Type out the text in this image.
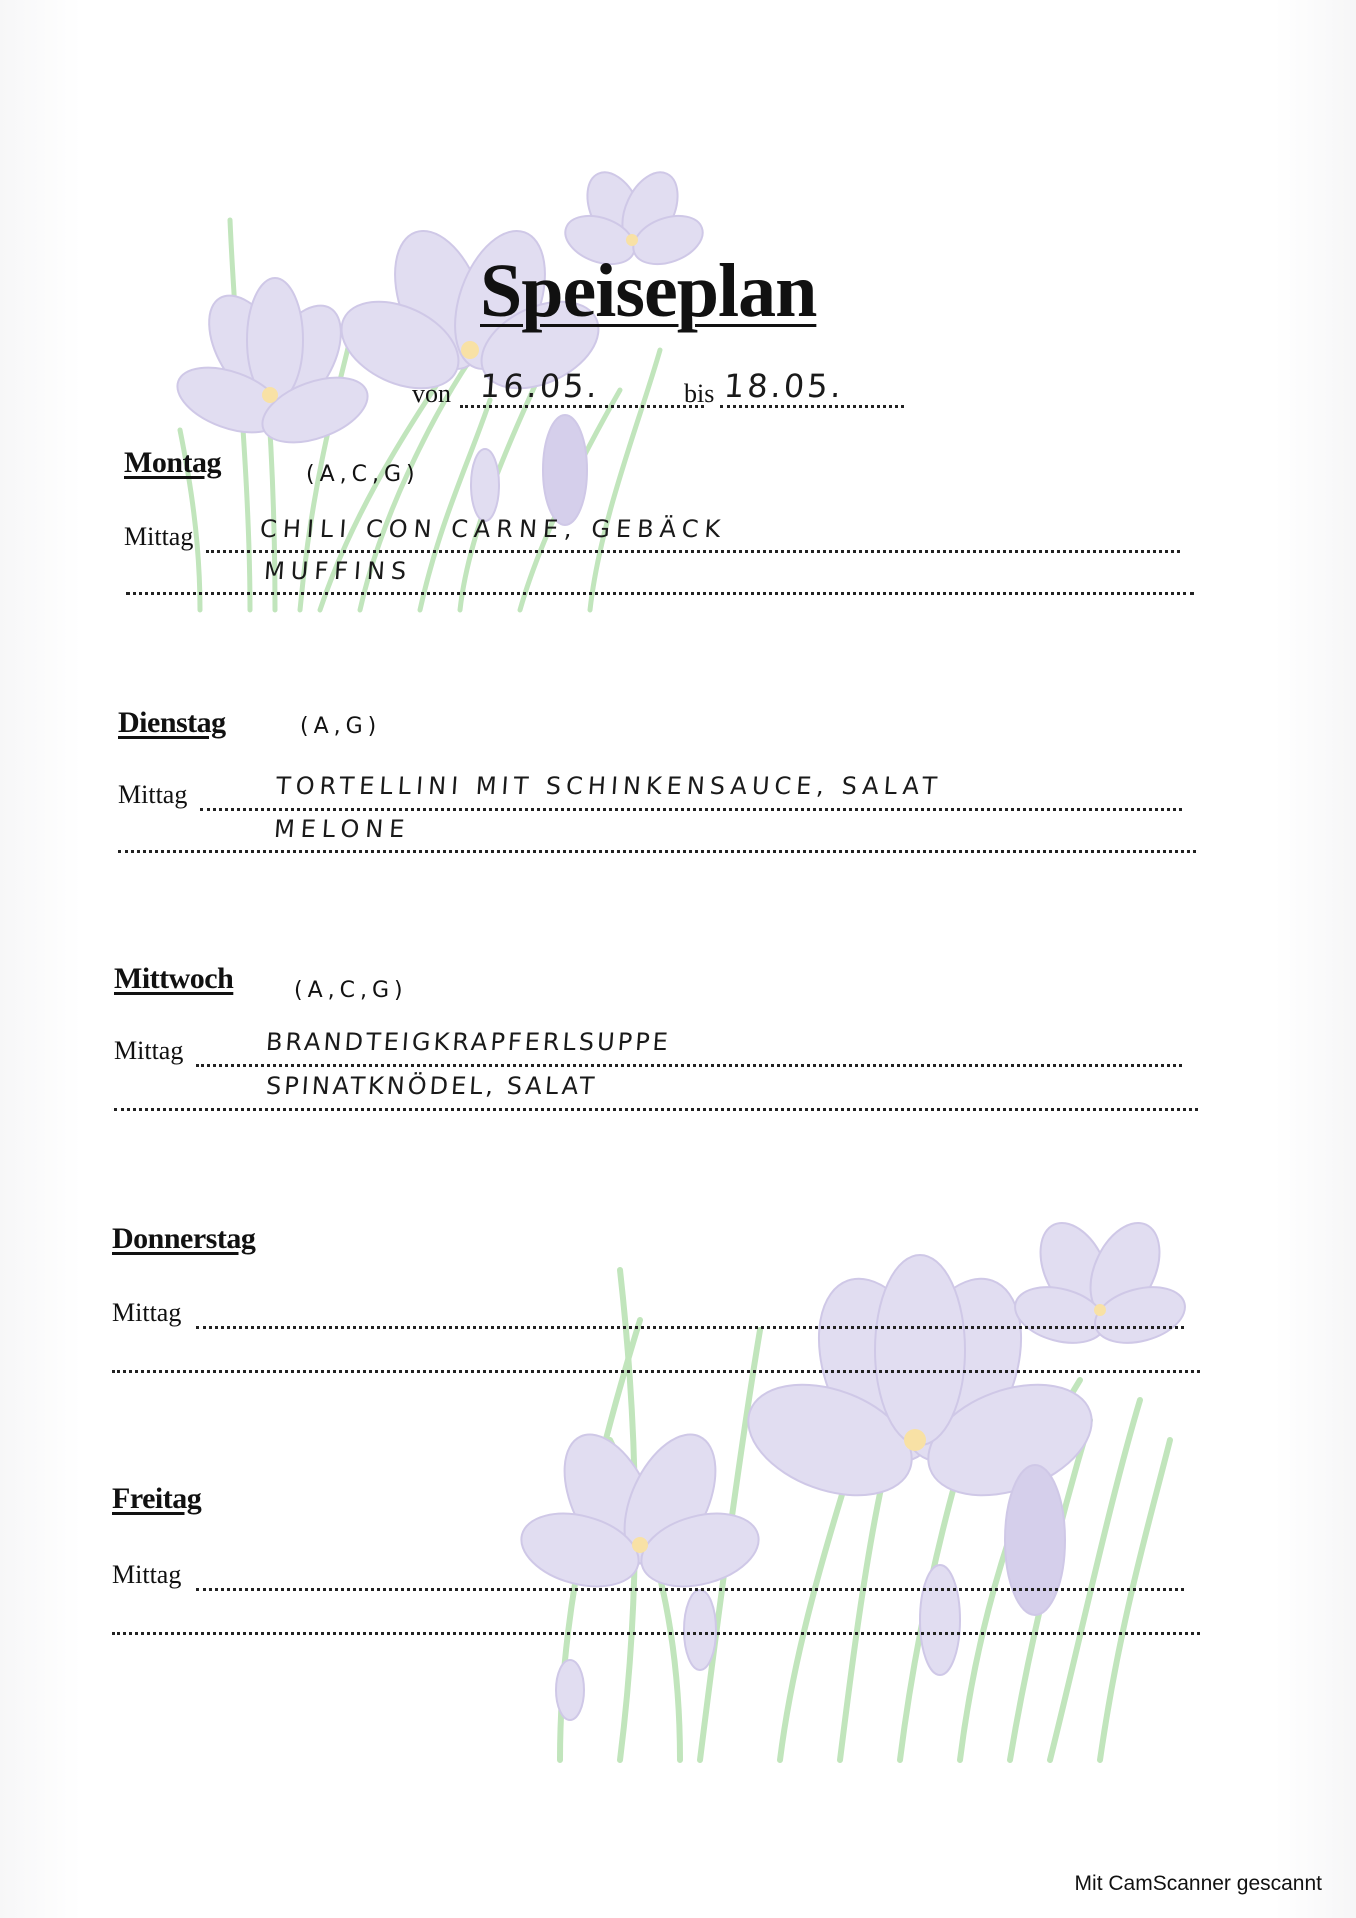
Speiseplan
von 16.05.	bis 18.05.
Montag	(A,C,G)
Mittag	CHILI CON CARNE, GEBÄCK
MUFFINS
Dienstag	(A,G)
Mittag	TORTELLINI MIT SCHINKENSAUCE, SALAT
MELONE
Mittwoch	(A,C,G)
Mittag	BRANDTEIGKRAPFERLSUPPE
SPINATKNÖDEL, SALAT
Donnerstag
Mittag
Freitag
Mittag
Mit CamScanner gescannt
